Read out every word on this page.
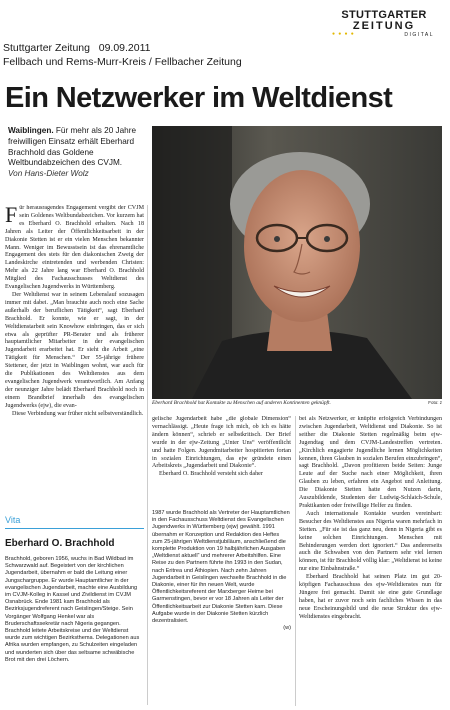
STUTTGARTER
ZEITUNG
● ● ● ●	DIGITAL
Stuttgarter Zeitung 09.09.2011
Fellbach und Rems-Murr-Kreis / Fellbacher Zeitung
Ein Netzwerker im Weltdienst
Waiblingen. Für mehr als 20 Jahre freiwilligen Einsatz erhält Eberhard Brachhold das Goldene Weltbundabzeichen des CVJM.
Von Hans-Dieter Wolz
Eberhard Brachhold hat Kontakte zu Menschen auf anderen Kontinenten geknüpft.	Foto: z
F ür herausragendes Engagement vergibt der CVJM sein Goldenes Weltbundabzeichen. Vor kurzem hat es Eberhard O. Brachhold erhalten. Nach 18 Jahren als Leiter der Öffentlichkeitsarbeit in der Diakonie Stetten ist er ein vielen Menschen bekannter Mann. Weniger im Bewusstsein ist das ehrenamtliche Engagement des stets für den diakonischen Zweig der Landeskirche eintretenden und werbenden Christen: Mehr als 22 Jahre lang war Eberhard O. Brachhold Mitglied des Fachausschusses Weltdienst des Evangelischen Jugendwerks in Württemberg.

Der Weltdienst war in seinem Lebenslauf sozusagen immer mit dabei. „Man brauchte auch noch eine Sache außerhalb der beruflichen Tätigkeit“, sagt Eberhard Brachhold. Er konnte, wie er sagt, in der Weltdienstarbeit sein Knowhow einbringen, das er sich etwa als geprüfter PR-Berater und als früherer hauptamtlicher Mitarbeiter in der evangelischen Jugendarbeit erarbeitet hat. Er sieht die Arbeit „eine Tätigkeit für Menschen.“ Der 55-jährige frühere Stettener, der jetzt in Waiblingen wohnt, war auch für die Publikationen des Weltdienstes aus dem evangelischen Jugendwerk verantwortlich. Am Anfang der neunziger Jahre belädt Eberhard Brachhold noch in einem Brandbrief innerhalb des evangelischen Jugendwerks (ejw), die evan-

Diese Verbindung war früher nicht selbstverständlich.

gelische Jugendarbeit habe „die globale Dimension“ vernachlässigt. „Heute frage ich mich, ob ich es hätte ändern können“, schrieb er selbstkritisch. Der Brief wurde in der ejw-Zeitung „Unter Uns“ veröffentlicht und hatte Folgen. Jugendmitarbeiter hospitierten fortan in sozialen Einrichtungen, das ejw gründete einen Arbeitskreis „Jugendarbeit und Diakonie“.

Eberhard O. Brachhold versteht sich daher

bei als Netzwerker, er knüpfte erfolgreich Verbindungen zwischen Jugendarbeit, Weltdienst und Diakonie. So ist seither die Diakonie Stetten regelmäßig beim ejw-Jugendtag und dem CVJM-Landestreffen vertreten. „Kirchlich engagierte Jugendliche lernen Möglichkeiten kennen, ihren Glauben in sozialen Berufen einzubringen“, sagt Brachhold. „Davon profitieren beide Seiten: Junge Leute auf der Suche nach einer Möglichkeit, ihren Glauben zu leben, erfahren ein Angebot und Anleitung. Die Diakonie Stetten hatte den Nutzen darin, Auszubildende, Studenten der Ludwig-Schlaich-Schule, Praktikanten oder freiwillige Helfer zu finden.

Auch internationale Kontakte wurden vereinbart: Besucher des Weltdienstes aus Nigeria waren mehrfach in Stetten. „Für sie ist das ganz neu, denn in Nigeria gibt es keine solchen Einrichtungen. Menschen mit Behinderungen werden dort ignoriert.“ Das andererseits auch die Schwaben von den Partnern sehr viel lernen können, ist für Brachhold völlig klar: „Weltdienst ist keine nur eine Einbahnstraße.“

Eberhard Brachhold hat seinen Platz im gut 20-köpfigen Fachausschuss des ejw-Weltdienstes nun für Jüngere frei gemacht. Damit sie eine gute Grundlage haben, hat er zuvor noch sein fachliches Wissen in das neue Erscheinungsbild und die neue Struktur des ejw-Weltdienstes eingebracht.

Vita
Eberhard O. Brachhold

Brachhold, geboren 1956, wuchs in Bad Wildbad im Schwarzwald auf. Begeistert von der kirchlichen Jugendarbeit, übernahm er bald die Leitung einer Jungschargruppe. Er wurde Hauptamtlicher in der evangelischen Jugendarbeit, machte eine Ausbildung im CVJM-Kolleg in Kassel und Zivildienst im CVJM Osnabrück. Ende 1981 kam Brachhold als Bezirksjugendreferent nach Geislingen/Steige. Sein Vorgänger Wolfgang Henkel war als Bruderschaftssekretär nach Nigeria gegangen. Brachhold leitete Arbeitskreise und der Weltdienst wurde zum wichtigen Bezirksthema. Delegationen aus Afrika wurden empfangen, zu Schulzeiten eingeladen und wunderten sich über das seltsame schwäbische Brot mit den drei Löchern.

1987 wurde Brachhold als Vertreter der Hauptamtlichen in den Fachausschuss Weltdienst des Evangelischen Jugendwerks in Württemberg (ejw) gewählt. 1991 übernahm er Konzeption und Redaktion des Heftes zum 25-jährigen Weltdienstjubiläum, anschließend die komplette Produktion von 19 halbjährlichen Ausgaben „Weltdienst aktuell“ und mehrerer Arbeitshilfen. Eine Reise zu den Partnern führte ihn 1993 in den Sudan, nach Eritrea und Äthiopien. Nach zehn Jahren Jugendarbeit in Geislingen wechselte Brachhold in die Diakonie, einer für ihn neuen Welt, wurde Öffentlichkeitsreferent der Marxberger Heime bei Garmenstingen, bevor er vor 18 Jahren als Leiter der Öffentlichkeitsarbeit zur Diakonie Stetten kam. Diese Aufgabe wurde in der Diakonie Stetten kürzlich dezentralisiert.

(w)
